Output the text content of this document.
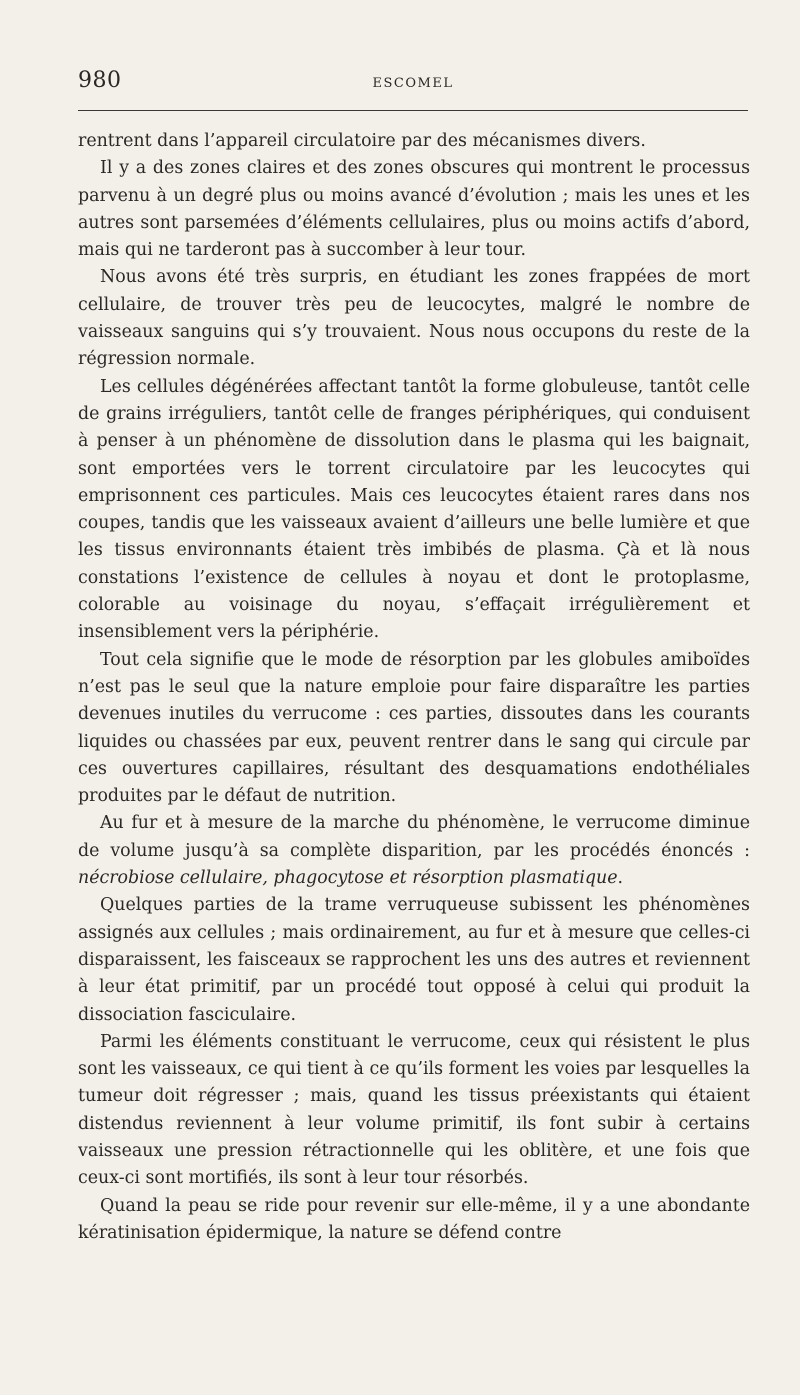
980	ESCOMEL

rentrent dans l’appareil circulatoire par des mécanismes divers.

Il y a des zones claires et des zones obscures qui montrent le processus parvenu à un degré plus ou moins avancé d’évolution ; mais les unes et les autres sont parsemées d’éléments cellulaires, plus ou moins actifs d’abord, mais qui ne tarderont pas à succomber à leur tour.

Nous avons été très surpris, en étudiant les zones frappées de mort cellulaire, de trouver très peu de leucocytes, malgré le nombre de vaisseaux sanguins qui s’y trouvaient. Nous nous occupons du reste de la régression normale.

Les cellules dégénérées affectant tantôt la forme globuleuse, tantôt celle de grains irréguliers, tantôt celle de franges périphériques, qui conduisent à penser à un phénomène de dissolution dans le plasma qui les baignait, sont emportées vers le torrent circulatoire par les leucocytes qui emprisonnent ces particules. Mais ces leucocytes étaient rares dans nos coupes, tandis que les vaisseaux avaient d’ailleurs une belle lumière et que les tissus environnants étaient très imbibés de plasma. Çà et là nous constations l’existence de cellules à noyau et dont le protoplasme, colorable au voisinage du noyau, s’effaçait irrégulièrement et insensiblement vers la périphérie.

Tout cela signifie que le mode de résorption par les globules amiboïdes n’est pas le seul que la nature emploie pour faire disparaître les parties devenues inutiles du verrucome : ces parties, dissoutes dans les courants liquides ou chassées par eux, peuvent rentrer dans le sang qui circule par ces ouvertures capillaires, résultant des desquamations endothéliales produites par le défaut de nutrition.

Au fur et à mesure de la marche du phénomène, le verrucome diminue de volume jusqu’à sa complète disparition, par les procédés énoncés : nécrobiose cellulaire, phagocytose et résorption plasmatique.

Quelques parties de la trame verruqueuse subissent les phénomènes assignés aux cellules ; mais ordinairement, au fur et à mesure que celles-ci disparaissent, les faisceaux se rapprochent les uns des autres et reviennent à leur état primitif, par un procédé tout opposé à celui qui produit la dissociation fasciculaire.

Parmi les éléments constituant le verrucome, ceux qui résistent le plus sont les vaisseaux, ce qui tient à ce qu’ils forment les voies par lesquelles la tumeur doit régresser ; mais, quand les tissus préexistants qui étaient distendus reviennent à leur volume primitif, ils font subir à certains vaisseaux une pression rétractionnelle qui les oblitère, et une fois que ceux-ci sont mortifiés, ils sont à leur tour résorbés.

Quand la peau se ride pour revenir sur elle-même, il y a une abondante kératinisation épidermique, la nature se défend contre
